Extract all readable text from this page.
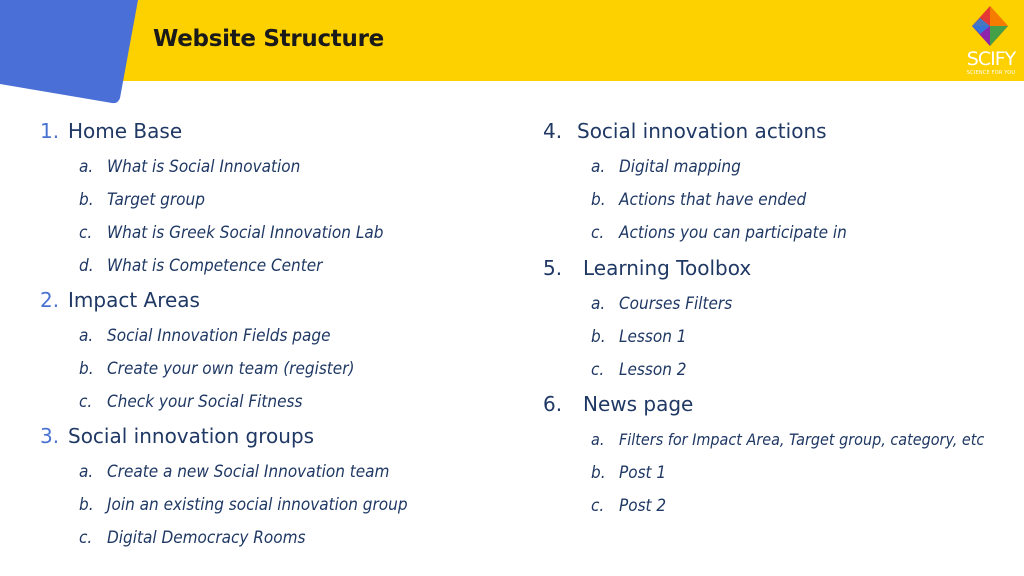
Website Structure
SCIFY
SCIENCE FOR YOU
1. Home Base
a. What is Social Innovation
b. Target group
c. What is Greek Social Innovation Lab
d. What is Competence Center
2. Impact Areas
a. Social Innovation Fields page
b. Create your own team (register)
c. Check your Social Fitness
3. Social innovation groups
a. Create a new Social Innovation team
b. Join an existing social innovation group
c. Digital Democracy Rooms
4. Social innovation actions
a. Digital mapping
b. Actions that have ended
c. Actions you can participate in
5. Learning Toolbox
a. Courses Filters
b. Lesson 1
c. Lesson 2
6. News page
a. Filters for Impact Area, Target group, category, etc
b. Post 1
c. Post 2
